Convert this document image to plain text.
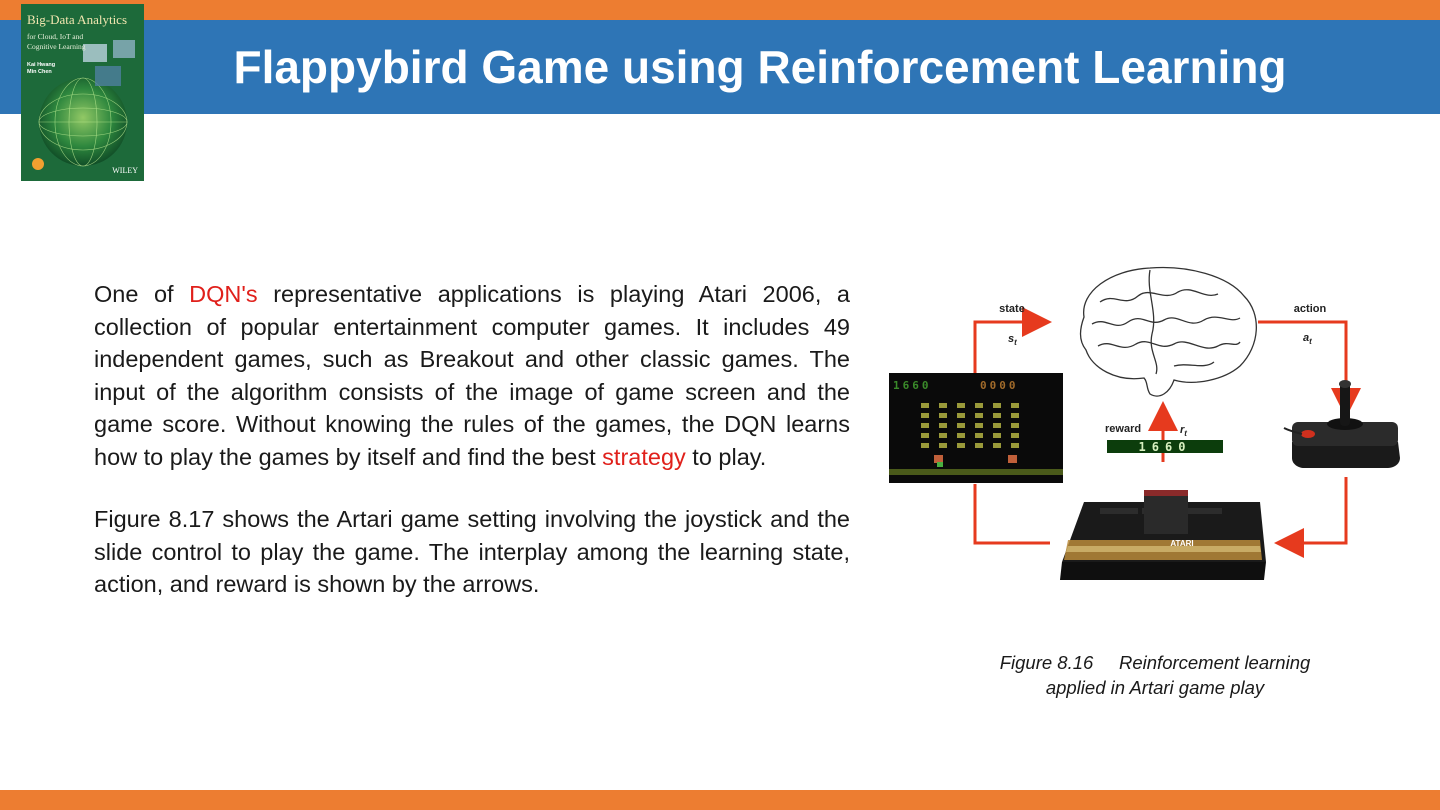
Flappybird Game using Reinforcement Learning
Big-Data Analytics
for Cloud, IoT and Cognitive Learning
Kai Hwang
Min Chen
WILEY

One of DQN's representative applications is playing Atari 2006, a collection of popular entertainment computer games. It includes 49 independent games, such as Breakout and other classic games. The input of the algorithm consists of the image of game screen and the game score. Without knowing the rules of the games, the DQN learns how to play the games by itself and find the best strategy to play.

Figure 8.17 shows the Artari game setting involving the joystick and the slide control to play the game. The interplay among the learning state, action, and reward is shown by the arrows.

state
$s_t$
action
$a_t$
reward	$r_t$
1660
1660	0000
ATARI
Figure 8.16     Reinforcement learning
applied in Artari game play
